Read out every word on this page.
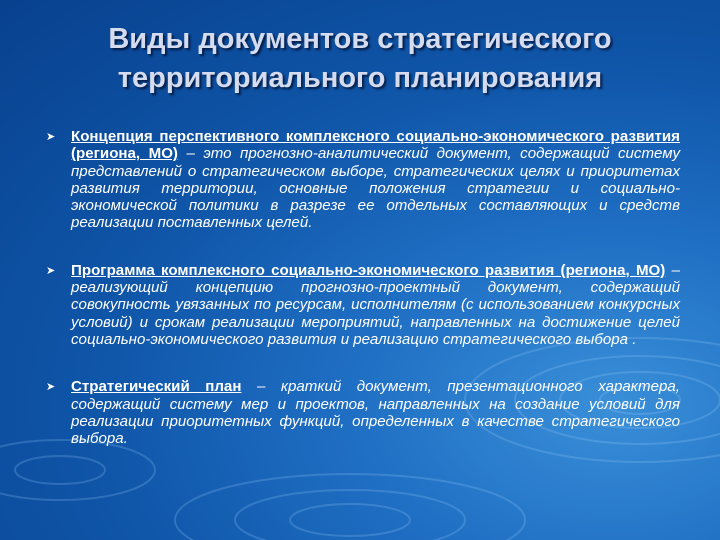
Виды документов стратегического
территориального планирования
➤ Концепция перспективного комплексного социально-экономического развития (региона, МО) – это прогнозно-аналитический документ, содержащий систему представлений о стратегическом выборе, стратегических целях и приоритетах развития территории, основные положения стратегии и социально-экономической политики в разрезе ее отдельных составляющих и средств реализации поставленных целей.
➤ Программа комплексного социально-экономического развития (региона, МО) – реализующий концепцию прогнозно-проектный документ, содержащий совокупность увязанных по ресурсам, исполнителям (с использованием конкурсных условий) и срокам реализации мероприятий, направленных на достижение целей социально-экономического развития и реализацию стратегического выбора .
➤ Стратегический план – краткий документ, презентационного характера, содержащий систему мер и проектов, направленных на создание условий для реализации приоритетных функций, определенных в качестве стратегического выбора.
